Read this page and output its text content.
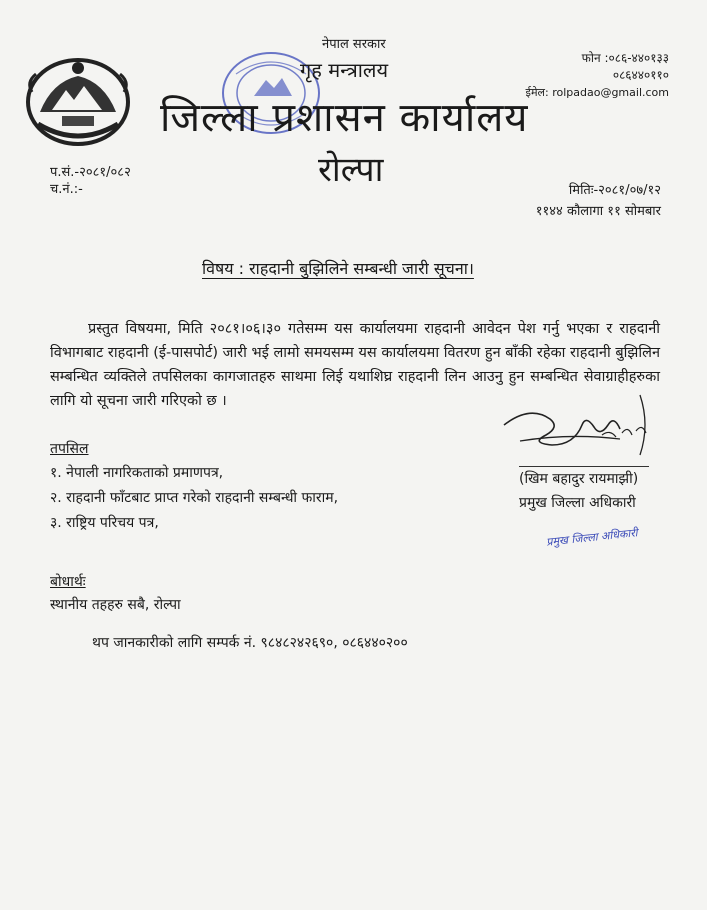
नेपाल सरकार
गृह मन्त्रालय
जिल्ला प्रशासन कार्यालय
रोल्पा
फोन :०८६-४४०१३३
०८६४४०११०
ईमेल: rolpadao@gmail.com
प.सं.-२०८१/०८२
च.नं.:-	मितिः-२०८१/०७/१२
११४४ कौलागा ११ सोमबार
विषय : राहदानी बुझिलिने सम्बन्धी जारी सूचना।
प्रस्तुत विषयमा, मिति २०८१।०६।३० गतेसम्म यस कार्यालयमा राहदानी आवेदन पेश गर्नु भएका र राहदानी विभागबाट राहदानी (ई-पासपोर्ट) जारी भई लामो समयसम्म यस कार्यालयमा वितरण हुन बाँकी रहेका राहदानी बुझिलिन सम्बन्धित व्यक्तिले तपसिलका कागजातहरु साथमा लिई यथाशिघ्र राहदानी लिन आउनु हुन सम्बन्धित सेवाग्राहीहरुका लागि यो सूचना जारी गरिएको छ ।
तपसिल
१. नेपाली नागरिकताको प्रमाणपत्र,
२. राहदानी फाँटबाट प्राप्त गरेको राहदानी सम्बन्धी फाराम,
३. राष्ट्रिय परिचय पत्र,
(खिम बहादुर रायमाझी)
प्रमुख जिल्ला अधिकारी
प्रमुख जिल्ला अधिकारी
बोधार्थः
स्थानीय तहहरु सबै, रोल्पा
थप जानकारीको लागि सम्पर्क नं. ९८४८२४२६९०, ०८६४४०२००
